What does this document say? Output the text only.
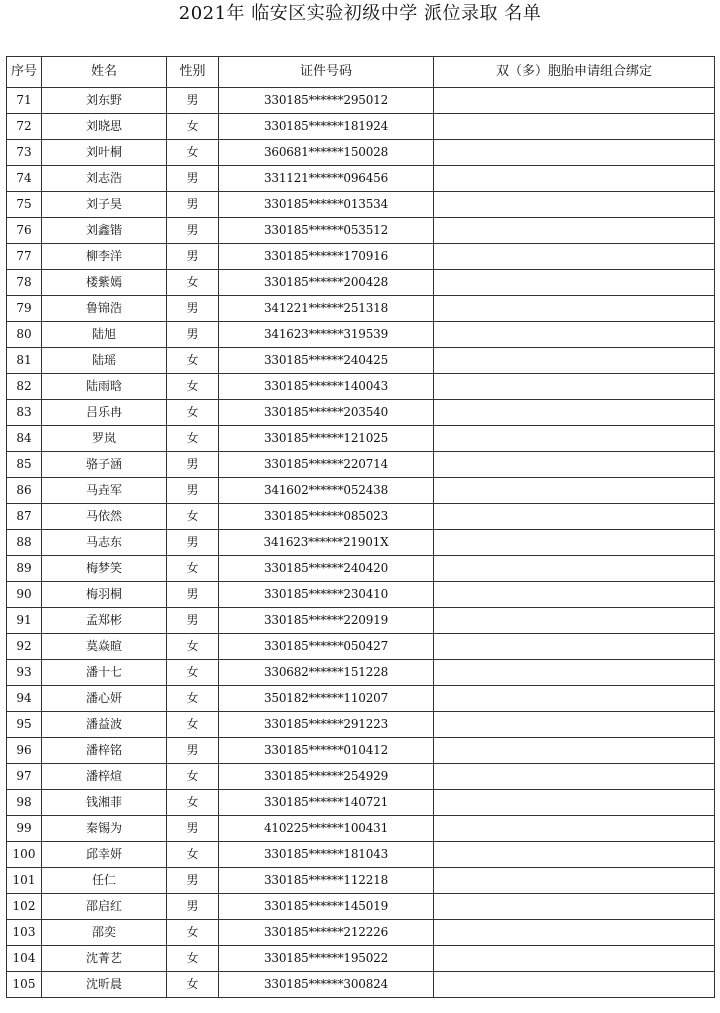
2021年 临安区实验初级中学 派位录取 名单
序号	姓名	性别	证件号码	双（多）胞胎申请组合绑定
71	刘东野	男	330185******295012	
72	刘晓思	女	330185******181924	
73	刘叶桐	女	360681******150028	
74	刘志浩	男	331121******096456	
75	刘子昊	男	330185******013534	
76	刘鑫锴	男	330185******053512	
77	柳李洋	男	330185******170916	
78	楼紫嫣	女	330185******200428	
79	鲁锦浩	男	341221******251318	
80	陆旭	男	341623******319539	
81	陆瑶	女	330185******240425	
82	陆雨晗	女	330185******140043	
83	吕乐冉	女	330185******203540	
84	罗岚	女	330185******121025	
85	骆子涵	男	330185******220714	
86	马垚军	男	341602******052438	
87	马依然	女	330185******085023	
88	马志东	男	341623******21901X	
89	梅梦笑	女	330185******240420	
90	梅羽桐	男	330185******230410	
91	孟郑彬	男	330185******220919	
92	莫焱暄	女	330185******050427	
93	潘十七	女	330682******151228	
94	潘心妍	女	350182******110207	
95	潘益波	女	330185******291223	
96	潘梓铭	男	330185******010412	
97	潘梓煊	女	330185******254929	
98	钱湘菲	女	330185******140721	
99	秦锡为	男	410225******100431	
100	邱幸妍	女	330185******181043	
101	任仁	男	330185******112218	
102	邵启红	男	330185******145019	
103	邵奕	女	330185******212226	
104	沈菁艺	女	330185******195022	
105	沈昕晨	女	330185******300824	
